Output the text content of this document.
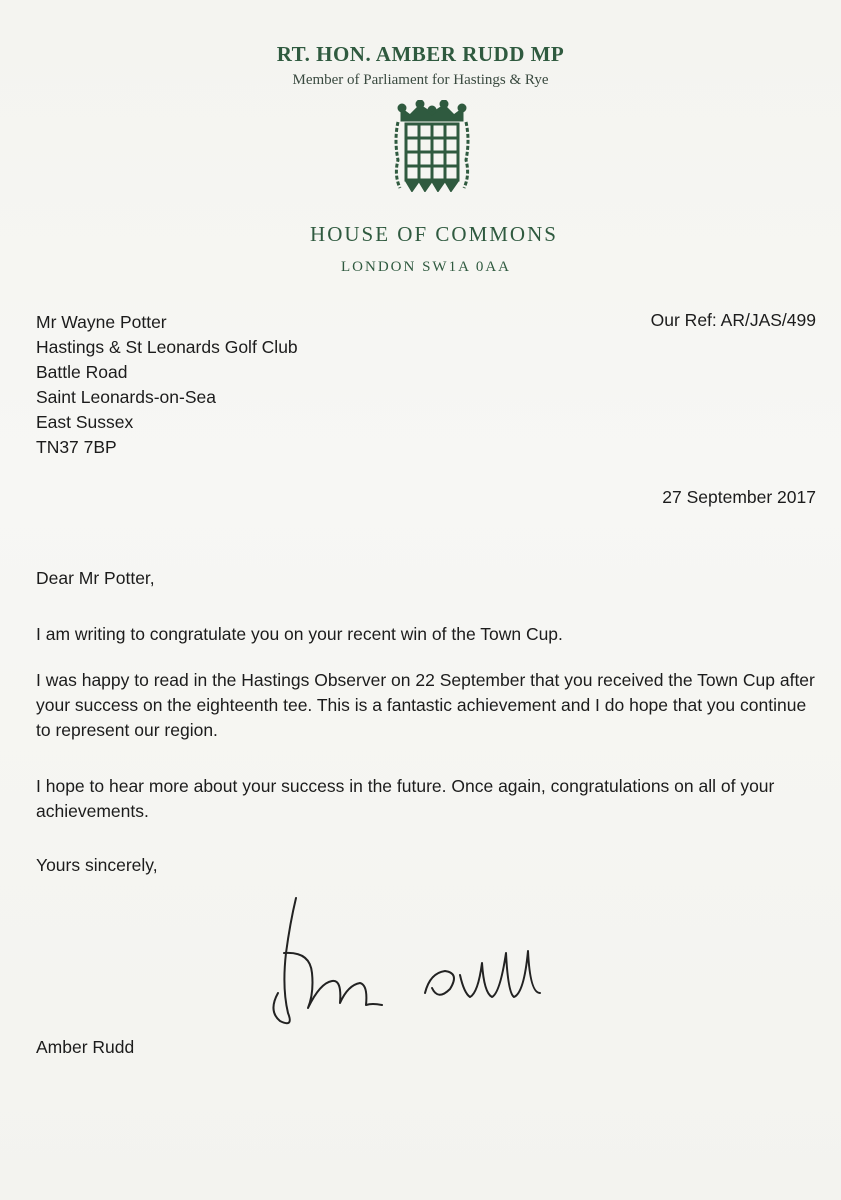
RT. HON. AMBER RUDD MP
Member of Parliament for Hastings & Rye
HOUSE OF COMMONS
LONDON SW1A 0AA
Mr Wayne Potter
Hastings & St Leonards Golf Club
Battle Road
Saint Leonards-on-Sea
East Sussex
TN37 7BP
Our Ref: AR/JAS/499
27 September 2017
Dear Mr Potter,
I am writing to congratulate you on your recent win of the Town Cup.
I was happy to read in the Hastings Observer on 22 September that you received the Town Cup after your success on the eighteenth tee. This is a fantastic achievement and I do hope that you continue to represent our region.
I hope to hear more about your success in the future. Once again, congratulations on all of your achievements.
Yours sincerely,
Amber Rudd
